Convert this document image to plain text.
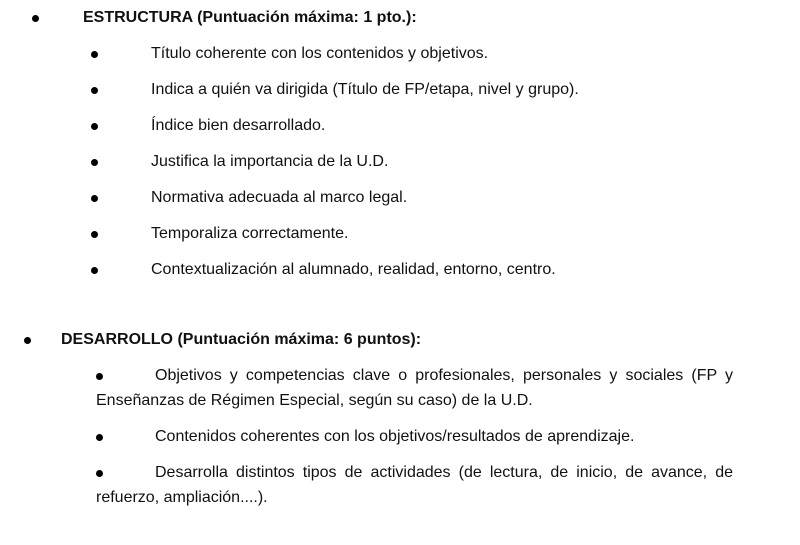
ESTRUCTURA (Puntuación máxima: 1 pto.):
Título coherente con los contenidos y objetivos.
Indica a quién va dirigida (Título de FP/etapa, nivel y grupo).
Índice bien desarrollado.
Justifica la importancia de la U.D.
Normativa adecuada al marco legal.
Temporaliza correctamente.
Contextualización al alumnado, realidad, entorno, centro.
DESARROLLO (Puntuación máxima: 6 puntos):
Objetivos y competencias clave o profesionales, personales y sociales (FP y
Enseñanzas de Régimen Especial, según su caso) de la U.D.
Contenidos coherentes con los objetivos/resultados de aprendizaje.
Desarrolla distintos tipos de actividades (de lectura, de inicio, de avance, de
refuerzo, ampliación....).
